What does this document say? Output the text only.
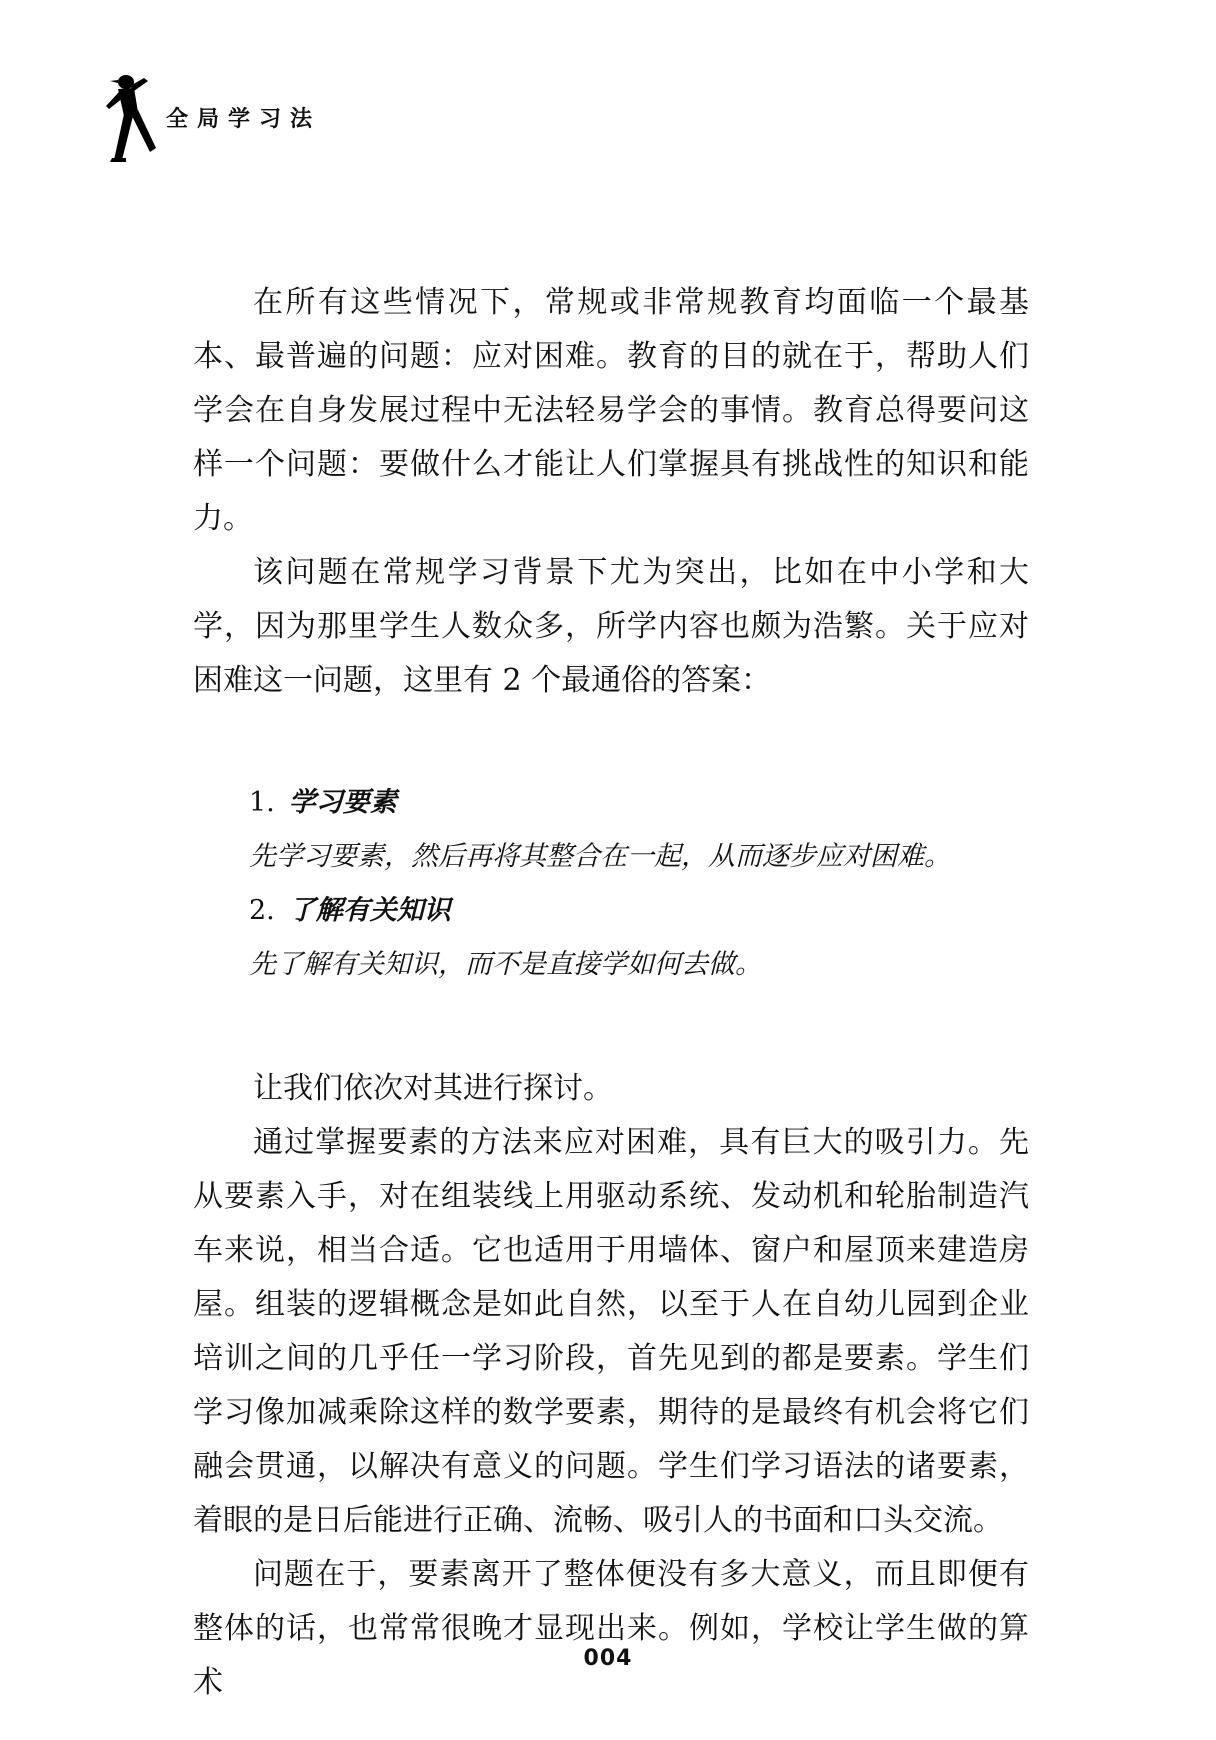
全局学习法

在所有这些情况下，常规或非常规教育均面临一个最基本、最普遍的问题：应对困难。教育的目的就在于，帮助人们学会在自身发展过程中无法轻易学会的事情。教育总得要问这样一个问题：要做什么才能让人们掌握具有挑战性的知识和能力。

该问题在常规学习背景下尤为突出，比如在中小学和大学，因为那里学生人数众多，所学内容也颇为浩繁。关于应对困难这一问题，这里有 2 个最通俗的答案：

1. 学习要素
先学习要素，然后再将其整合在一起，从而逐步应对困难。
2. 了解有关知识
先了解有关知识，而不是直接学如何去做。

让我们依次对其进行探讨。

通过掌握要素的方法来应对困难，具有巨大的吸引力。先从要素入手，对在组装线上用驱动系统、发动机和轮胎制造汽车来说，相当合适。它也适用于用墙体、窗户和屋顶来建造房屋。组装的逻辑概念是如此自然，以至于人在自幼儿园到企业培训之间的几乎任一学习阶段，首先见到的都是要素。学生们学习像加减乘除这样的数学要素，期待的是最终有机会将它们融会贯通，以解决有意义的问题。学生们学习语法的诸要素，着眼的是日后能进行正确、流畅、吸引人的书面和口头交流。

问题在于，要素离开了整体便没有多大意义，而且即便有整体的话，也常常很晚才显现出来。例如，学校让学生做的算术

004
